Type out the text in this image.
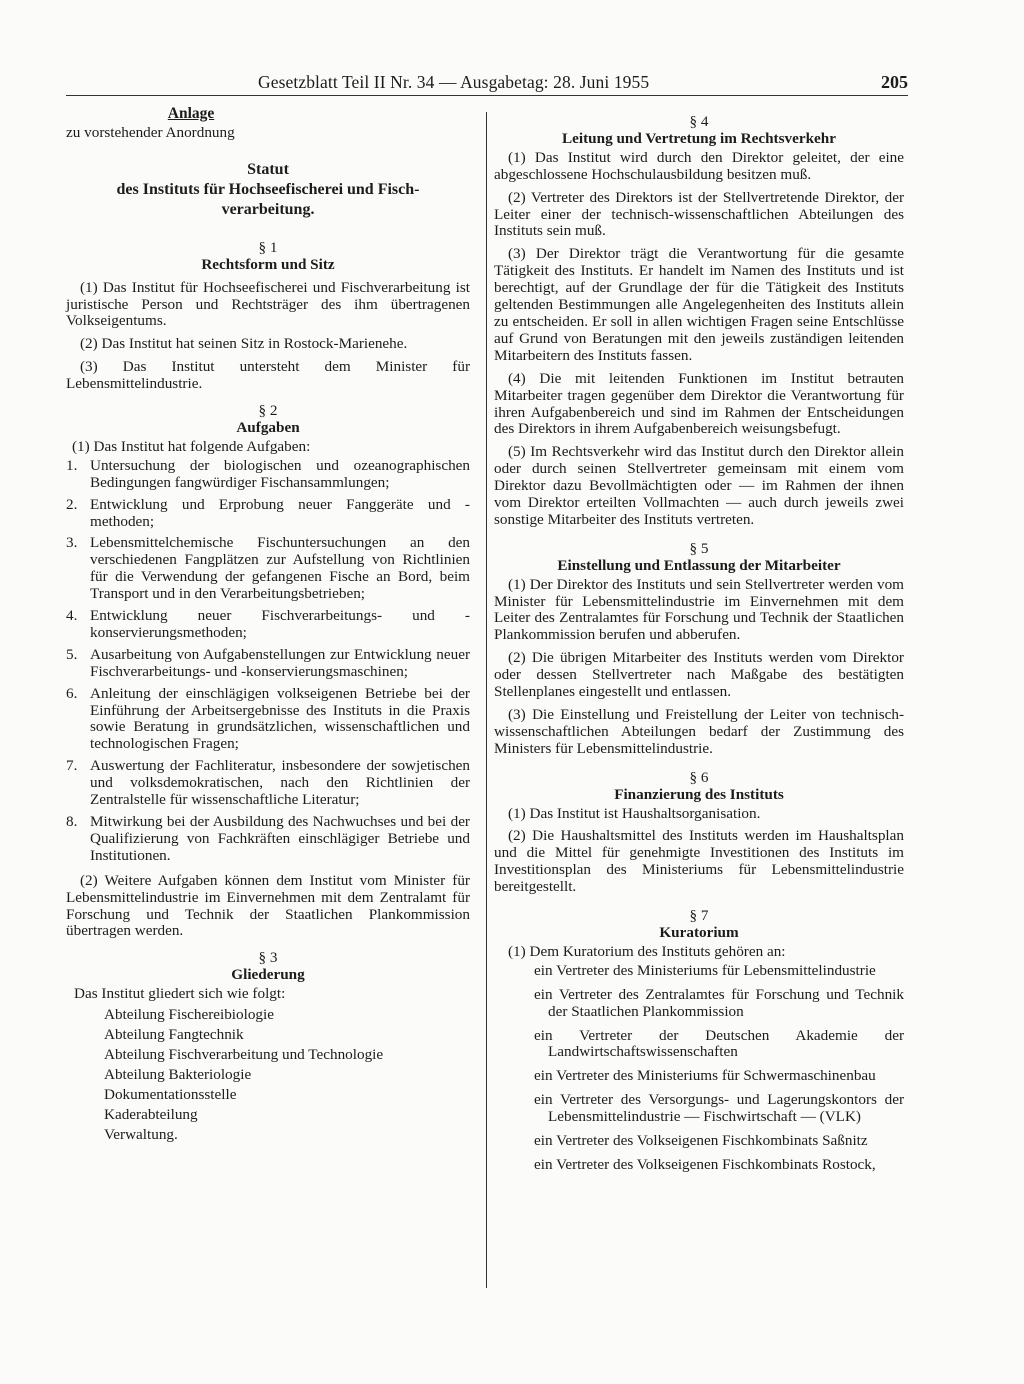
Gesetzblatt Teil II Nr. 34 — Ausgabetag: 28. Juni 1955	205
Anlage

zu vorstehender Anordnung

Statut
des Instituts für Hochseefischerei und Fisch-
verarbeitung.
§ 1
Rechtsform und Sitz

(1) Das Institut für Hochseefischerei und Fischverarbeitung ist juristische Person und Rechtsträger des ihm übertragenen Volkseigentums.

(2) Das Institut hat seinen Sitz in Rostock-Marienehe.

(3) Das Institut untersteht dem Minister für Lebensmittelindustrie.

§ 2
Aufgaben

(1) Das Institut hat folgende Aufgaben:

1. Untersuchung der biologischen und ozeanographischen Bedingungen fangwürdiger Fischansammlungen;
2. Entwicklung und Erprobung neuer Fanggeräte und -methoden;
3. Lebensmittelchemische Fischuntersuchungen an den verschiedenen Fangplätzen zur Aufstellung von Richtlinien für die Verwendung der gefangenen Fische an Bord, beim Transport und in den Verarbeitungsbetrieben;
4. Entwicklung neuer Fischverarbeitungs- und -konservierungsmethoden;
5. Ausarbeitung von Aufgabenstellungen zur Entwicklung neuer Fischverarbeitungs- und -konservierungsmaschinen;
6. Anleitung der einschlägigen volkseigenen Betriebe bei der Einführung der Arbeitsergebnisse des Instituts in die Praxis sowie Beratung in grundsätzlichen, wissenschaftlichen und technologischen Fragen;
7. Auswertung der Fachliteratur, insbesondere der sowjetischen und volksdemokratischen, nach den Richtlinien der Zentralstelle für wissenschaftliche Literatur;
8. Mitwirkung bei der Ausbildung des Nachwuchses und bei der Qualifizierung von Fachkräften einschlägiger Betriebe und Institutionen.

(2) Weitere Aufgaben können dem Institut vom Minister für Lebensmittelindustrie im Einvernehmen mit dem Zentralamt für Forschung und Technik der Staatlichen Plankommission übertragen werden.

§ 3
Gliederung

Das Institut gliedert sich wie folgt:

Abteilung Fischereibiologie
Abteilung Fangtechnik
Abteilung Fischverarbeitung und Technologie
Abteilung Bakteriologie
Dokumentationsstelle
Kaderabteilung
Verwaltung.
§ 4
Leitung und Vertretung im Rechtsverkehr

(1) Das Institut wird durch den Direktor geleitet, der eine abgeschlossene Hochschulausbildung besitzen muß.

(2) Vertreter des Direktors ist der Stellvertretende Direktor, der Leiter einer der technisch-wissenschaftlichen Abteilungen des Instituts sein muß.

(3) Der Direktor trägt die Verantwortung für die gesamte Tätigkeit des Instituts. Er handelt im Namen des Instituts und ist berechtigt, auf der Grundlage der für die Tätigkeit des Instituts geltenden Bestimmungen alle Angelegenheiten des Instituts allein zu entscheiden. Er soll in allen wichtigen Fragen seine Entschlüsse auf Grund von Beratungen mit den jeweils zuständigen leitenden Mitarbeitern des Instituts fassen.

(4) Die mit leitenden Funktionen im Institut betrauten Mitarbeiter tragen gegenüber dem Direktor die Verantwortung für ihren Aufgabenbereich und sind im Rahmen der Entscheidungen des Direktors in ihrem Aufgabenbereich weisungsbefugt.

(5) Im Rechtsverkehr wird das Institut durch den Direktor allein oder durch seinen Stellvertreter gemeinsam mit einem vom Direktor dazu Bevollmächtigten oder — im Rahmen der ihnen vom Direktor erteilten Vollmachten — auch durch jeweils zwei sonstige Mitarbeiter des Instituts vertreten.

§ 5
Einstellung und Entlassung der Mitarbeiter

(1) Der Direktor des Instituts und sein Stellvertreter werden vom Minister für Lebensmittelindustrie im Einvernehmen mit dem Leiter des Zentralamtes für Forschung und Technik der Staatlichen Plankommission berufen und abberufen.

(2) Die übrigen Mitarbeiter des Instituts werden vom Direktor oder dessen Stellvertreter nach Maßgabe des bestätigten Stellenplanes eingestellt und entlassen.

(3) Die Einstellung und Freistellung der Leiter von technisch-wissenschaftlichen Abteilungen bedarf der Zustimmung des Ministers für Lebensmittelindustrie.

§ 6
Finanzierung des Instituts

(1) Das Institut ist Haushaltsorganisation.

(2) Die Haushaltsmittel des Instituts werden im Haushaltsplan und die Mittel für genehmigte Investitionen des Instituts im Investitionsplan des Ministeriums für Lebensmittelindustrie bereitgestellt.

§ 7
Kuratorium

(1) Dem Kuratorium des Instituts gehören an:

ein Vertreter des Ministeriums für Lebensmittelindustrie
ein Vertreter des Zentralamtes für Forschung und Technik der Staatlichen Plankommission
ein Vertreter der Deutschen Akademie der Landwirtschaftswissenschaften
ein Vertreter des Ministeriums für Schwermaschinenbau
ein Vertreter des Versorgungs- und Lagerungskontors der Lebensmittelindustrie — Fischwirtschaft — (VLK)
ein Vertreter des Volkseigenen Fischkombinats Saßnitz
ein Vertreter des Volkseigenen Fischkombinats Rostock,
